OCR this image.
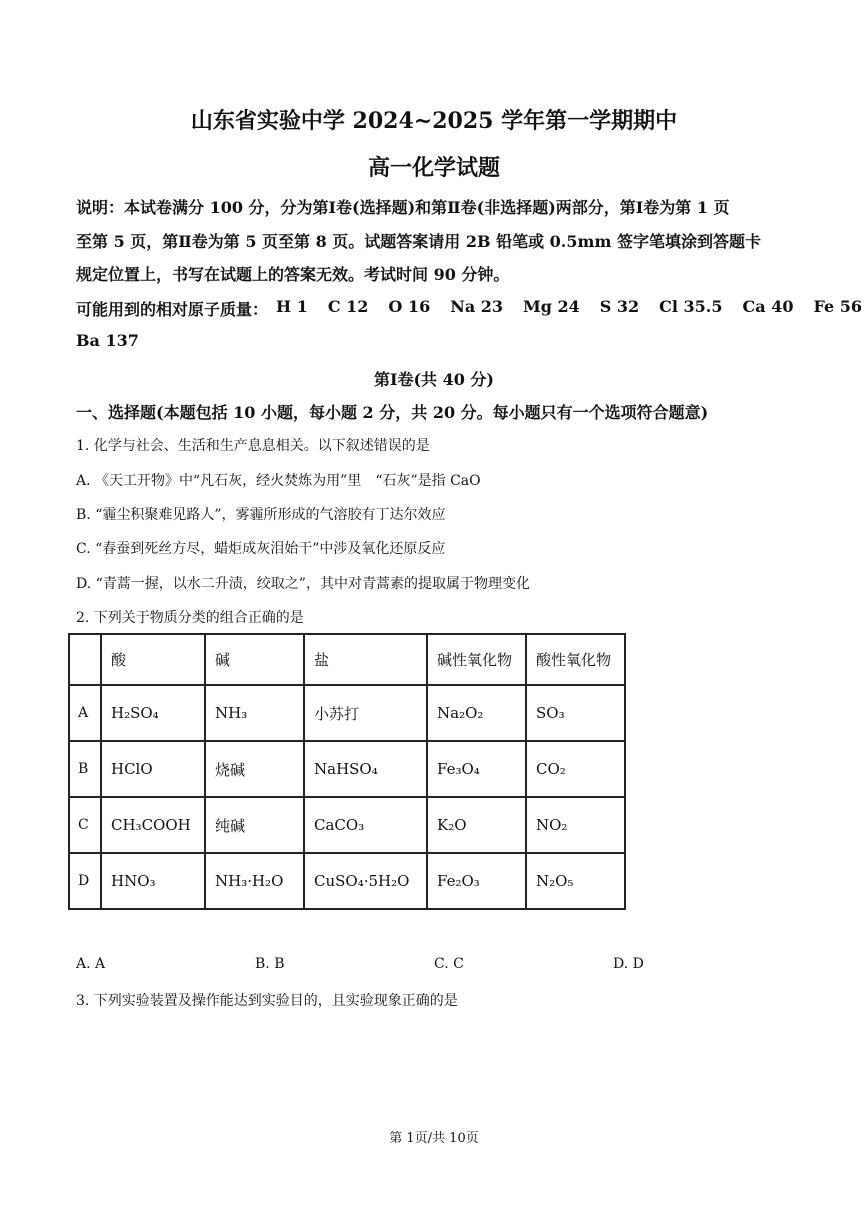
山东省实验中学 2024~2025 学年第一学期期中
高一化学试题
说明：本试卷满分 100 分，分为第Ⅰ卷(选择题)和第Ⅱ卷(非选择题)两部分，第Ⅰ卷为第 1 页
至第 5 页，第Ⅱ卷为第 5 页至第 8 页。试题答案请用 2B 铅笔或 0.5mm 签字笔填涂到答题卡
规定位置上，书写在试题上的答案无效。考试时间 90 分钟。
可能用到的相对原子质量： H 1 C 12 O 16 Na 23 Mg 24 S 32 Cl 35.5 Ca 40 Fe 56
Ba 137
第Ⅰ卷(共 40 分)
一、选择题(本题包括 10 小题，每小题 2 分，共 20 分。每小题只有一个选项符合题意)
1. 化学与社会、生活和生产息息相关。以下叙述错误的是
A. 《天工开物》中“凡石灰，经火焚炼为用”里　“石灰”是指 CaO
B. “霾尘积聚难见路人”，雾霾所形成的气溶胶有丁达尔效应
C. “春蚕到死丝方尽，蜡炬成灰泪始干”中涉及氧化还原反应
D. “青蒿一握，以水二升渍，绞取之”，其中对青蒿素的提取属于物理变化
2. 下列关于物质分类的组合正确的是
	酸	碱	盐	碱性氧化物	酸性氧化物
A	H₂SO₄	NH₃	小苏打	Na₂O₂	SO₃
B	HClO	烧碱	NaHSO₄	Fe₃O₄	CO₂
C	CH₃COOH	纯碱	CaCO₃	K₂O	NO₂
D	HNO₃	NH₃·H₂O	CuSO₄·5H₂O	Fe₂O₃	N₂O₅
A. A	B. B	C. C	D. D
3. 下列实验装置及操作能达到实验目的，且实验现象正确的是
第 1页/共 10页
